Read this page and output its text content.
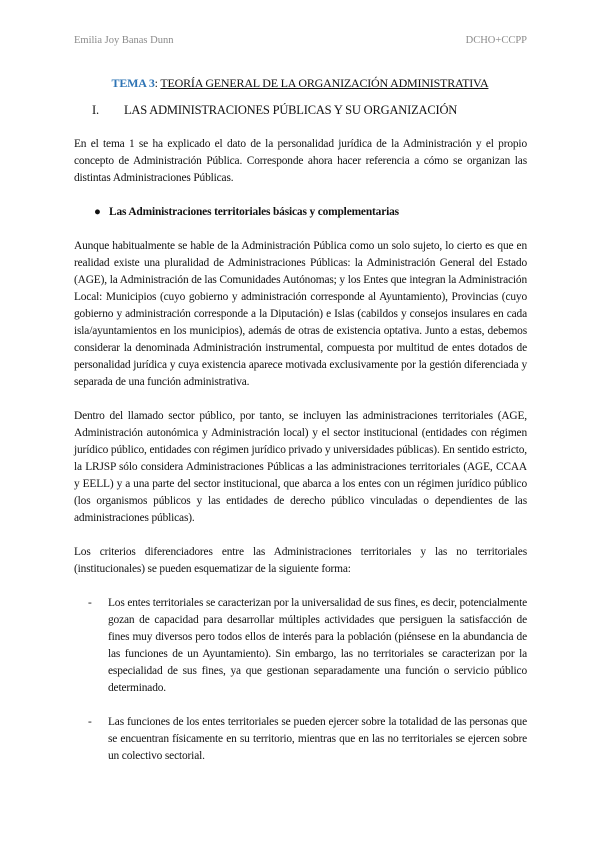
Emilia Joy Banas Dunn	DCHO+CCPP
TEMA 3: TEORÍA GENERAL DE LA ORGANIZACIÓN ADMINISTRATIVA
I. LAS ADMINISTRACIONES PÚBLICAS Y SU ORGANIZACIÓN

En el tema 1 se ha explicado el dato de la personalidad jurídica de la Administración y el propio concepto de Administración Pública. Corresponde ahora hacer referencia a cómo se organizan las distintas Administraciones Públicas.

● Las Administraciones territoriales básicas y complementarias

Aunque habitualmente se hable de la Administración Pública como un solo sujeto, lo cierto es que en realidad existe una pluralidad de Administraciones Públicas: la Administración General del Estado (AGE), la Administración de las Comunidades Autónomas; y los Entes que integran la Administración Local: Municipios (cuyo gobierno y administración corresponde al Ayuntamiento), Provincias (cuyo gobierno y administración corresponde a la Diputación) e Islas (cabildos y consejos insulares en cada isla/ayuntamientos en los municipios), además de otras de existencia optativa. Junto a estas, debemos considerar la denominada Administración instrumental, compuesta por multitud de entes dotados de personalidad jurídica y cuya existencia aparece motivada exclusivamente por la gestión diferenciada y separada de una función administrativa.

Dentro del llamado sector público, por tanto, se incluyen las administraciones territoriales (AGE, Administración autonómica y Administración local) y el sector institucional (entidades con régimen jurídico público, entidades con régimen jurídico privado y universidades públicas). En sentido estricto, la LRJSP sólo considera Administraciones Públicas a las administraciones territoriales (AGE, CCAA y EELL) y a una parte del sector institucional, que abarca a los entes con un régimen jurídico público (los organismos públicos y las entidades de derecho público vinculadas o dependientes de las administraciones públicas).

Los criterios diferenciadores entre las Administraciones territoriales y las no territoriales (institucionales) se pueden esquematizar de la siguiente forma:

-	Los entes territoriales se caracterizan por la universalidad de sus fines, es decir, potencialmente gozan de capacidad para desarrollar múltiples actividades que persiguen la satisfacción de fines muy diversos pero todos ellos de interés para la población (piénsese en la abundancia de las funciones de un Ayuntamiento). Sin embargo, las no territoriales se caracterizan por la especialidad de sus fines, ya que gestionan separadamente una función o servicio público determinado.
-	Las funciones de los entes territoriales se pueden ejercer sobre la totalidad de las personas que se encuentran físicamente en su territorio, mientras que en las no territoriales se ejercen sobre un colectivo sectorial.
